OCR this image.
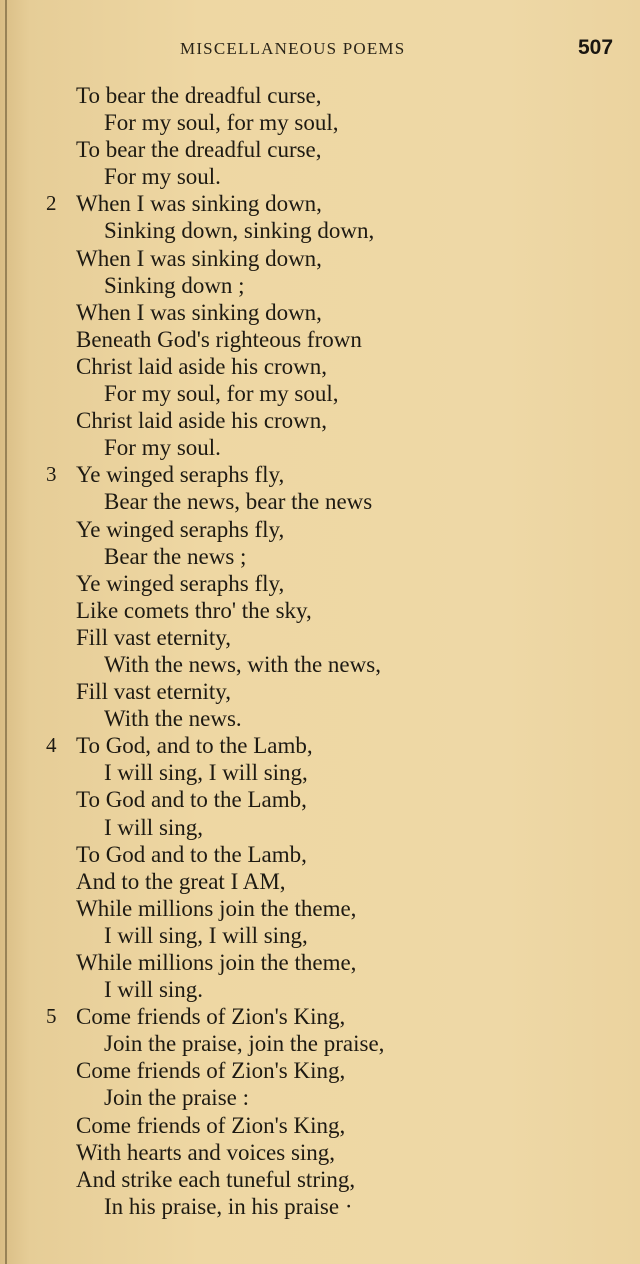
MISCELLANEOUS POEMS	507
To bear the dreadful curse,
For my soul, for my soul,
To bear the dreadful curse,
For my soul.
2 When I was sinking down,
Sinking down, sinking down,
When I was sinking down,
Sinking down ;
When I was sinking down,
Beneath God's righteous frown
Christ laid aside his crown,
For my soul, for my soul,
Christ laid aside his crown,
For my soul.
3 Ye winged seraphs fly,
Bear the news, bear the news
Ye winged seraphs fly,
Bear the news ;
Ye winged seraphs fly,
Like comets thro' the sky,
Fill vast eternity,
With the news, with the news,
Fill vast eternity,
With the news.
4 To God, and to the Lamb,
I will sing, I will sing,
To God and to the Lamb,
I will sing,
To God and to the Lamb,
And to the great I AM,
While millions join the theme,
I will sing, I will sing,
While millions join the theme,
I will sing.
5 Come friends of Zion's King,
Join the praise, join the praise,
Come friends of Zion's King,
Join the praise :
Come friends of Zion's King,
With hearts and voices sing,
And strike each tuneful string,
In his praise, in his praise ·
